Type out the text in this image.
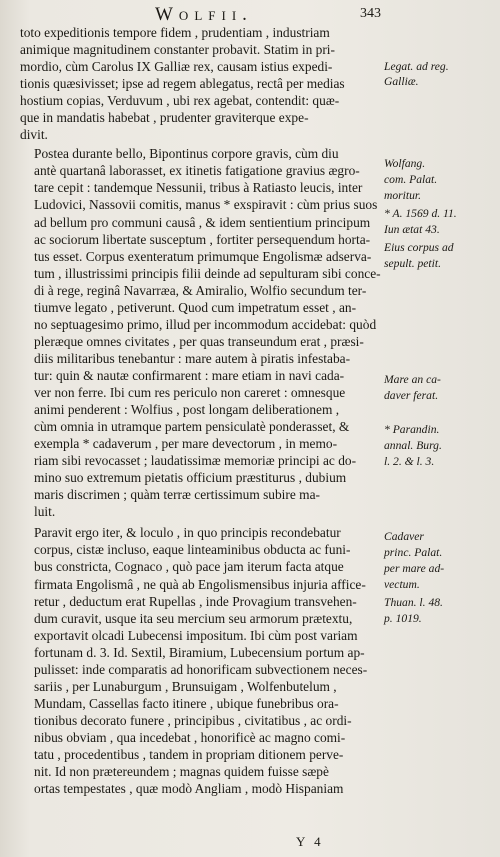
Wolfii.	343

toto expeditionis tempore fidem , prudentiam , industriam
animique magnitudinem constanter probavit. Statim in pri-
mordio, cùm Carolus IX Galliæ rex, causam istius expedi-
tionis quæsivisset; ipse ad regem ablegatus, rectâ per medias
hostium copias, Verduvum , ubi rex agebat, contendit: quæ-
que in mandatis habebat , prudenter graviterque expe-
divit.

Postea durante bello, Bipontinus corpore gravis, cùm diu
antè quartanâ laborasset, ex itinetis fatigatione gravius ægro-
tare cepit : tandemque Nessunii, tribus à Ratiasto leucis, inter
Ludovici, Nassovii comitis, manus * exspiravit : cùm prius suos
ad bellum pro communi causâ , & idem sentientium principum
ac sociorum libertate susceptum , fortiter persequendum horta-
tus esset. Corpus exenteratum primumque Engolismæ adserva-
tum , illustrissimi principis filii deinde ad sepulturam sibi conce-
di à rege, reginâ Navarræa, & Amiralio, Wolfio secundum ter-
tiumve legato , petiverunt. Quod cum impetratum esset , an-
no septuagesimo primo, illud per incommodum accidebat: quòd
pleræque omnes civitates , per quas transeundum erat , præsi-
diis militaribus tenebantur : mare autem à piratis infestaba-
tur: quin & nautæ confirmarent : mare etiam in navi cada-
ver non ferre. Ibi cum res periculo non careret : omnesque
animi penderent : Wolfius , post longam deliberationem ,
cùm omnia in utramque partem pensiculatè ponderasset, &
exempla * cadaverum , per mare devectorum , in memo-
riam sibi revocasset ; laudatissimæ memoriæ principi ac do-
mino suo extremum pietatis officium præstiturus , dubium
maris discrimen ; quàm terræ certissimum subire ma-
luit.

Paravit ergo iter, & loculo , in quo principis recondebatur
corpus, cistæ incluso, eaque linteaminibus obducta ac funi-
bus constricta, Cognaco , quò pace jam iterum facta atque
firmata Engolismâ , ne quà ab Engolismensibus injuria affice-
retur , deductum erat Rupellas , inde Provagium transvehen-
dum curavit, usque ita seu mercium seu armorum prætextu,
exportavit olcadi Lubecensi impositum. Ibi cùm post variam
fortunam d. 3. Id. Sextil, Biramium, Lubecensium portum ap-
pulisset: inde comparatis ad honorificam subvectionem neces-
sariis , per Lunaburgum , Brunsuigam , Wolfenbutelum ,
Mundam, Cassellas facto itinere , ubique funebribus ora-
tionibus decorato funere , principibus , civitatibus , ac ordi-
nibus obviam , qua incedebat , honorificè ac magno comi-
tatu , procedentibus , tandem in propriam ditionem perve-
nit. Id non prætereundem ; magnas quidem fuisse sæpè
ortas tempestates , quæ modò Angliam , modò Hispaniam

Legat. ad reg.
Galliæ.
Wolfang.
com. Palat.
moritur.
* A. 1569 d. 11.
Iun ætat 43.
Eius corpus ad
sepult. petit.
Mare an ca-
daver ferat.
* Parandin.
annal. Burg.
l. 2. & l. 3.
Cadaver
princ. Palat.
per mare ad-
vectum.
Thuan. l. 48.
p. 1019.
Y 4
